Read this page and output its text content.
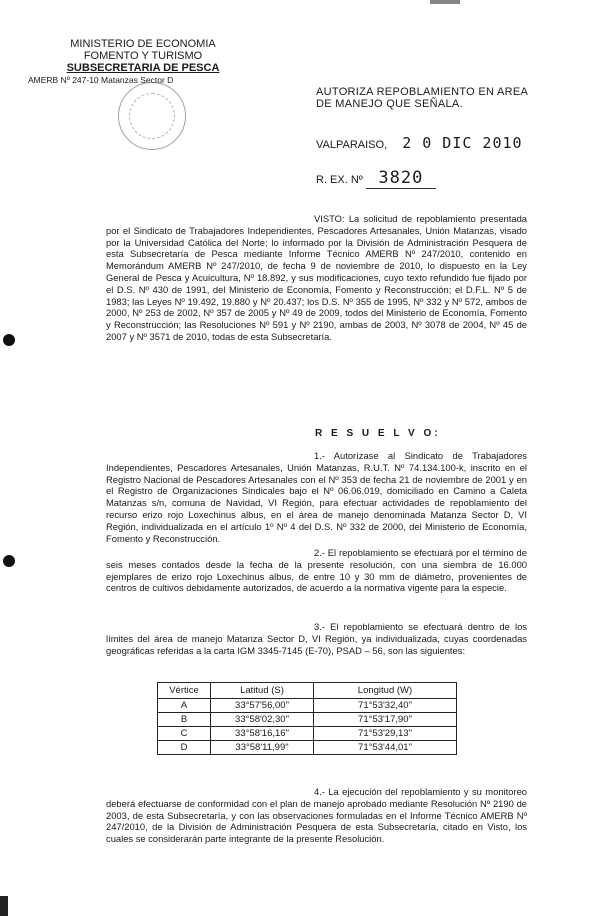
MINISTERIO DE ECONOMIA
FOMENTO Y TURISMO
SUBSECRETARIA DE PESCA
AMERB Nº 247-10 Matanzas Sector D
AUTORIZA REPOBLAMIENTO EN AREA
DE MANEJO QUE SEÑALA.
VALPARAISO, 2 0 DIC 2010
R. EX. Nº 3820
VISTO: La solicitud de repoblamiento presentada por el Sindicato de Trabajadores Independientes, Pescadores Artesanales, Unión Matanzas, visado por la Universidad Católica del Norte; lo informado por la División de Administración Pesquera de esta Subsecretaría de Pesca mediante Informe Técnico AMERB Nº 247/2010, contenido en Memorándum AMERB Nº 247/2010, de fecha 9 de noviembre de 2010, lo dispuesto en la Ley General de Pesca y Acuicultura, Nº 18.892, y sus modificaciones, cuyo texto refundido fue fijado por el D.S. Nº 430 de 1991, del Ministerio de Economía, Fomento y Reconstrucción; el D.F.L. Nº 5 de 1983; las Leyes Nº 19.492, 19.880 y Nº 20.437; los D.S. Nº 355 de 1995, Nº 332 y Nº 572, ambos de 2000, Nº 253 de 2002, Nº 357 de 2005 y Nº 49 de 2009, todos del Ministerio de Economía, Fomento y Reconstrucción; las Resoluciones Nº 591 y Nº 2190, ambas de 2003, Nº 3078 de 2004, Nº 45 de 2007 y Nº 3571 de 2010, todas de esta Subsecretaría.
R E S U E L V O:
1.- Autorízase al Sindicato de Trabajadores Independientes, Pescadores Artesanales, Unión Matanzas, R.U.T. Nº 74.134.100-k, inscrito en el Registro Nacional de Pescadores Artesanales con el Nº 353 de fecha 21 de noviembre de 2001 y en el Registro de Organizaciones Sindicales bajo el Nº 06.06.019, domiciliado en Camino a Caleta Matanzas s/n, comuna de Navidad, VI Región, para efectuar actividades de repoblamiento del recurso erizo rojo Loxechinus albus, en el área de manejo denominada Matanza Sector D, VI Región, individualizada en el artículo 1º Nº 4 del D.S. Nº 332 de 2000, del Ministerio de Economía, Fomento y Reconstrucción.
2.- El repoblamiento se efectuará por el término de seis meses contados desde la fecha de la presente resolución, con una siembra de 16.000 ejemplares de erizo rojo Loxechinus albus, de entre 10 y 30 mm de diámetro, provenientes de centros de cultivos debidamente autorizados, de acuerdo a la normativa vigente para la especie.
3.- El repoblamiento se efectuará dentro de los límites del área de manejo Matanza Sector D, VI Región, ya individualizada, cuyas coordenadas geográficas referidas a la carta IGM 3345-7145 (E-70), PSAD – 56, son las siguientes:
Vértice	Latitud (S)	Longitud (W)
A	33°57'56,00"	71°53'32,40"
B	33°58'02,30"	71°53'17,90"
C	33°58'16,16"	71°53'29,13"
D	33°58'11,99"	71°53'44,01"
4.- La ejecución del repoblamiento y su monitoreo deberá efectuarse de conformidad con el plan de manejo aprobado mediante Resolución Nº 2190 de 2003, de esta Subsecretaría, y con las observaciones formuladas en el Informe Técnico AMERB Nº 247/2010, de la División de Administración Pesquera de esta Subsecretaría, citado en Visto, los cuales se considerarán parte integrante de la presente Resolución.
